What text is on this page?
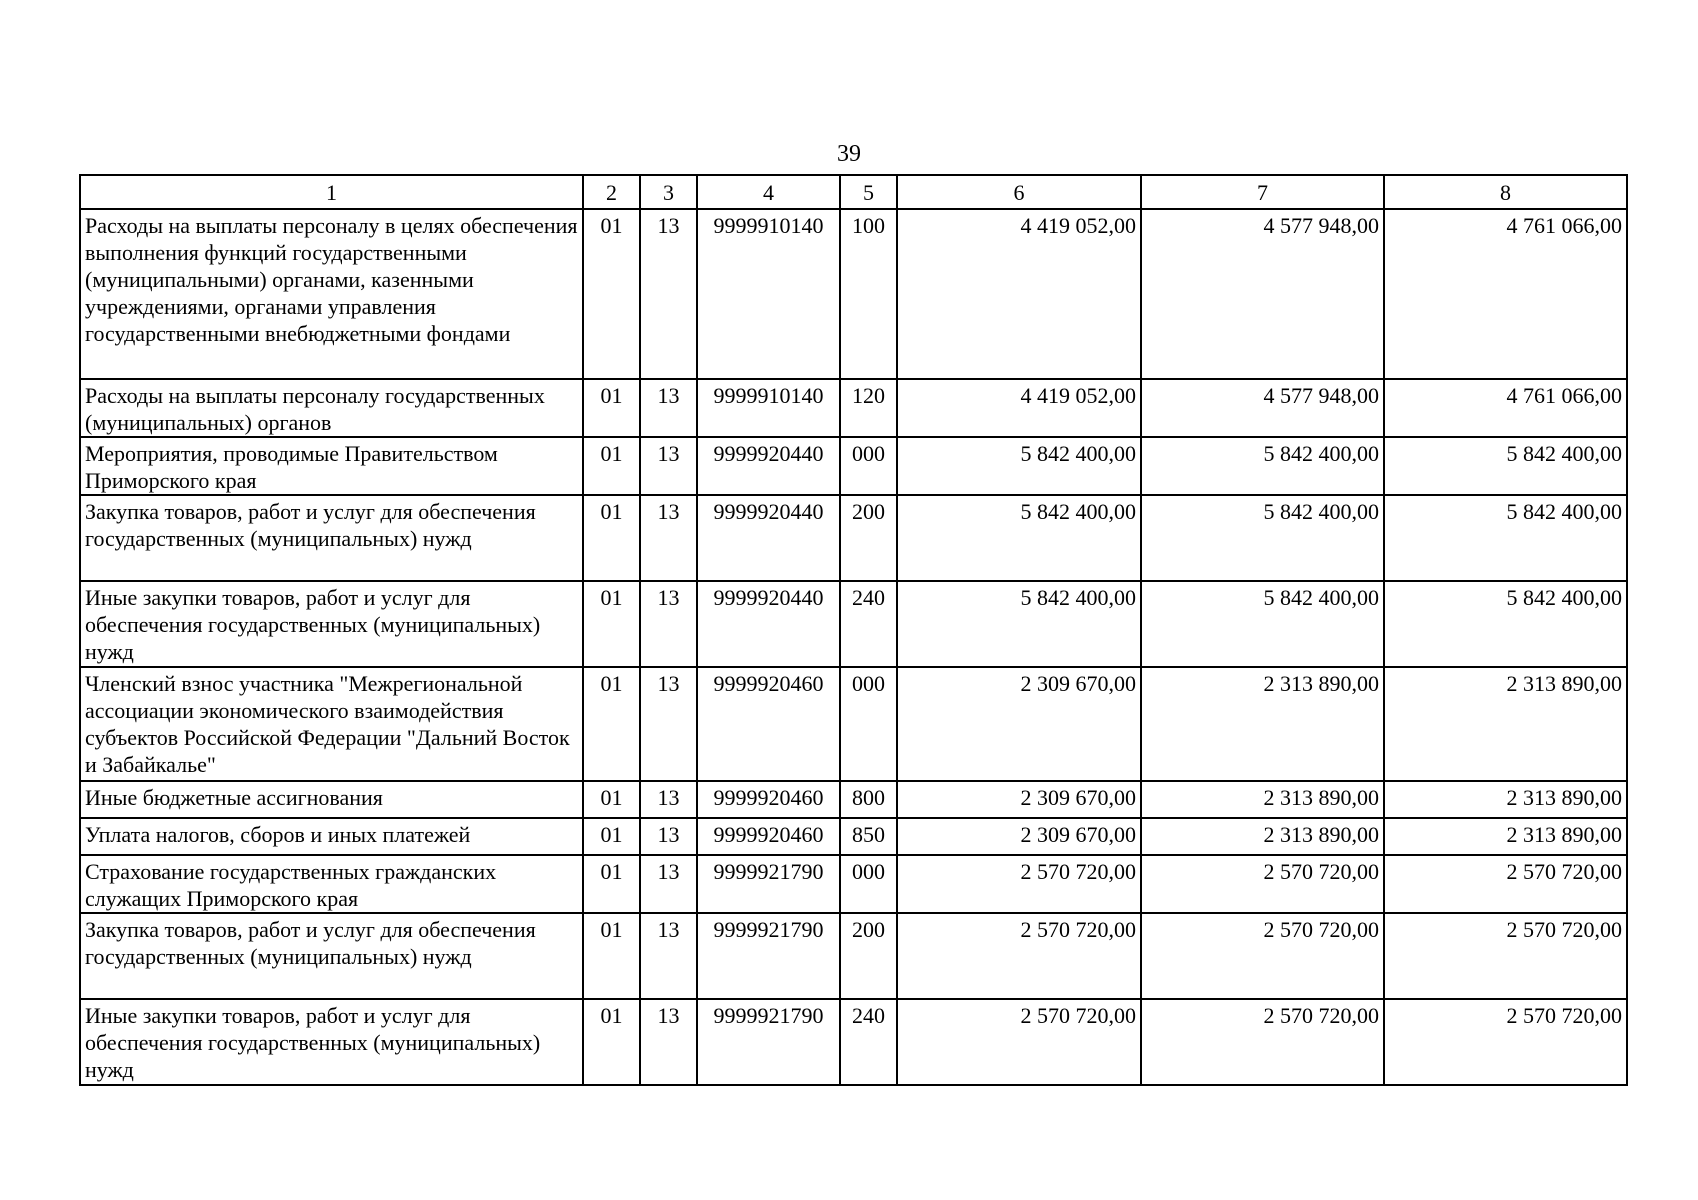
39
1	2	3	4	5	6	7	8
Расходы на выплаты персоналу в целях обеспечения выполнения функций государственными (муниципальными) органами, казенными учреждениями, органами управления государственными внебюджетными фондами	01	13	9999910140	100	4 419 052,00	4 577 948,00	4 761 066,00
Расходы на выплаты персоналу государственных (муниципальных) органов	01	13	9999910140	120	4 419 052,00	4 577 948,00	4 761 066,00
Мероприятия, проводимые Правительством Приморского края	01	13	9999920440	000	5 842 400,00	5 842 400,00	5 842 400,00
Закупка товаров, работ и услуг для обеспечения государственных (муниципальных) нужд	01	13	9999920440	200	5 842 400,00	5 842 400,00	5 842 400,00
Иные закупки товаров, работ и услуг для обеспечения государственных (муниципальных) нужд	01	13	9999920440	240	5 842 400,00	5 842 400,00	5 842 400,00
Членский взнос участника "Межрегиональной ассоциации экономического взаимодействия субъектов Российской Федерации "Дальний Восток и Забайкалье"	01	13	9999920460	000	2 309 670,00	2 313 890,00	2 313 890,00
Иные бюджетные ассигнования	01	13	9999920460	800	2 309 670,00	2 313 890,00	2 313 890,00
Уплата налогов, сборов и иных платежей	01	13	9999920460	850	2 309 670,00	2 313 890,00	2 313 890,00
Страхование государственных гражданских служащих Приморского края	01	13	9999921790	000	2 570 720,00	2 570 720,00	2 570 720,00
Закупка товаров, работ и услуг для обеспечения государственных (муниципальных) нужд	01	13	9999921790	200	2 570 720,00	2 570 720,00	2 570 720,00
Иные закупки товаров, работ и услуг для обеспечения государственных (муниципальных) нужд	01	13	9999921790	240	2 570 720,00	2 570 720,00	2 570 720,00
